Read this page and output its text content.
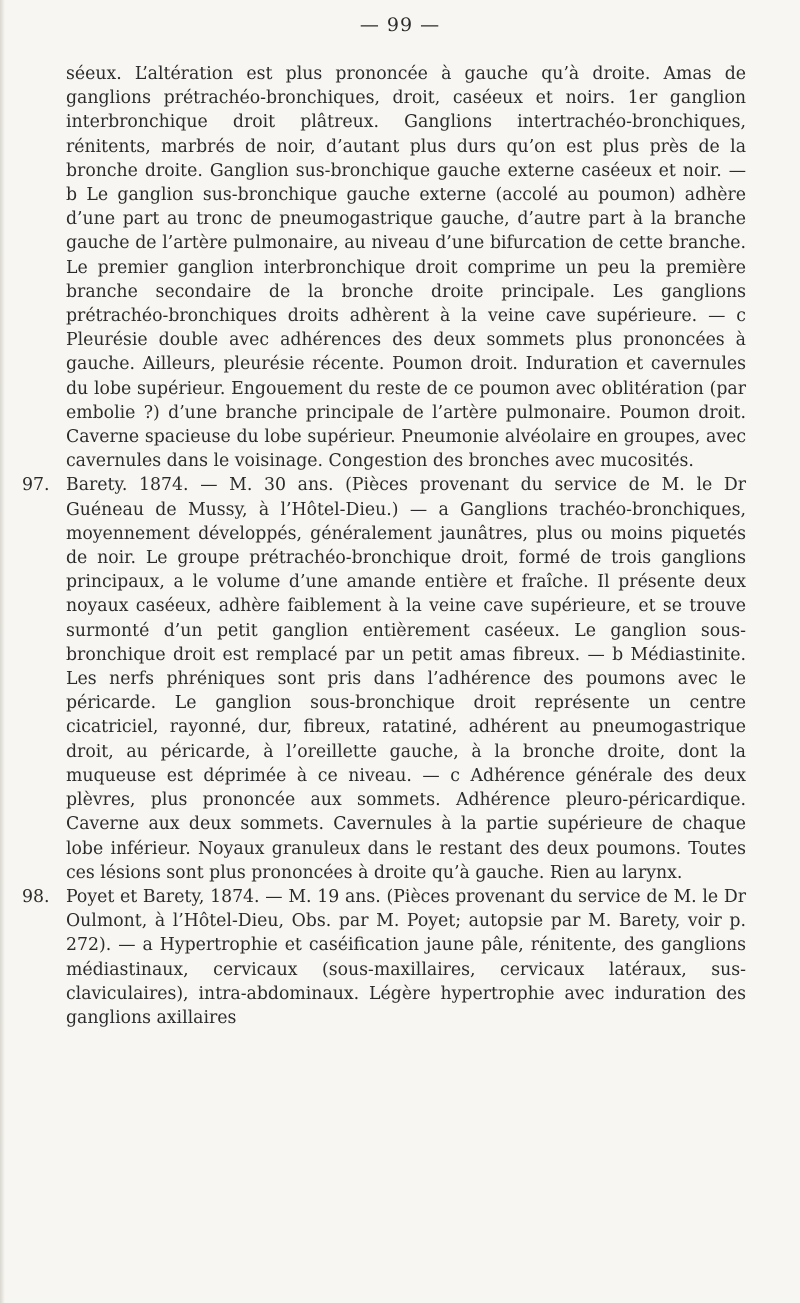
— 99 —

séeux. L’altération est plus prononcée à gauche qu’à droite. Amas de ganglions prétrachéo-bronchiques, droit, caséeux et noirs. 1er ganglion interbronchique droit plâtreux. Ganglions intertrachéo-bronchiques, rénitents, marbrés de noir, d’autant plus durs qu’on est plus près de la bronche droite. Ganglion sus-bronchique gauche externe caséeux et noir. — b Le ganglion sus-bronchique gauche externe (accolé au poumon) adhère d’une part au tronc de pneumogastrique gauche, d’autre part à la branche gauche de l’artère pulmonaire, au niveau d’une bifurcation de cette branche. Le premier ganglion interbronchique droit comprime un peu la première branche secondaire de la bronche droite principale. Les ganglions prétrachéo-bronchiques droits adhèrent à la veine cave supérieure. — c Pleurésie double avec adhérences des deux sommets plus prononcées à gauche. Ailleurs, pleurésie récente. Poumon droit. Induration et cavernules du lobe supérieur. Engouement du reste de ce poumon avec oblitération (par embolie ?) d’une branche principale de l’artère pulmonaire. Poumon droit. Caverne spacieuse du lobe supérieur. Pneumonie alvéolaire en groupes, avec cavernules dans le voisinage. Congestion des bronches avec mucosités.

97. Barety. 1874. — M. 30 ans. (Pièces provenant du service de M. le Dr Guéneau de Mussy, à l’Hôtel-Dieu.) — a Ganglions trachéo-bronchiques, moyennement développés, généralement jaunâtres, plus ou moins piquetés de noir. Le groupe prétrachéo-bronchique droit, formé de trois ganglions principaux, a le volume d’une amande entière et fraîche. Il présente deux noyaux caséeux, adhère faiblement à la veine cave supérieure, et se trouve surmonté d’un petit ganglion entièrement caséeux. Le ganglion sous-bronchique droit est remplacé par un petit amas fibreux. — b Médiastinite. Les nerfs phréniques sont pris dans l’adhérence des poumons avec le péricarde. Le ganglion sous-bronchique droit représente un centre cicatriciel, rayonné, dur, fibreux, ratatiné, adhérent au pneumogastrique droit, au péricarde, à l’oreillette gauche, à la bronche droite, dont la muqueuse est déprimée à ce niveau. — c Adhérence générale des deux plèvres, plus prononcée aux sommets. Adhérence pleuro-péricardique. Caverne aux deux sommets. Cavernules à la partie supérieure de chaque lobe inférieur. Noyaux granuleux dans le restant des deux poumons. Toutes ces lésions sont plus prononcées à droite qu’à gauche. Rien au larynx.
98. Poyet et Barety, 1874. — M. 19 ans. (Pièces provenant du service de M. le Dr Oulmont, à l’Hôtel-Dieu, Obs. par M. Poyet; autopsie par M. Barety, voir p. 272). — a Hypertrophie et caséification jaune pâle, rénitente, des ganglions médiastinaux, cervicaux (sous-maxillaires, cervicaux latéraux, sus-claviculaires), intra-abdominaux. Légère hypertrophie avec induration des ganglions axillaires
